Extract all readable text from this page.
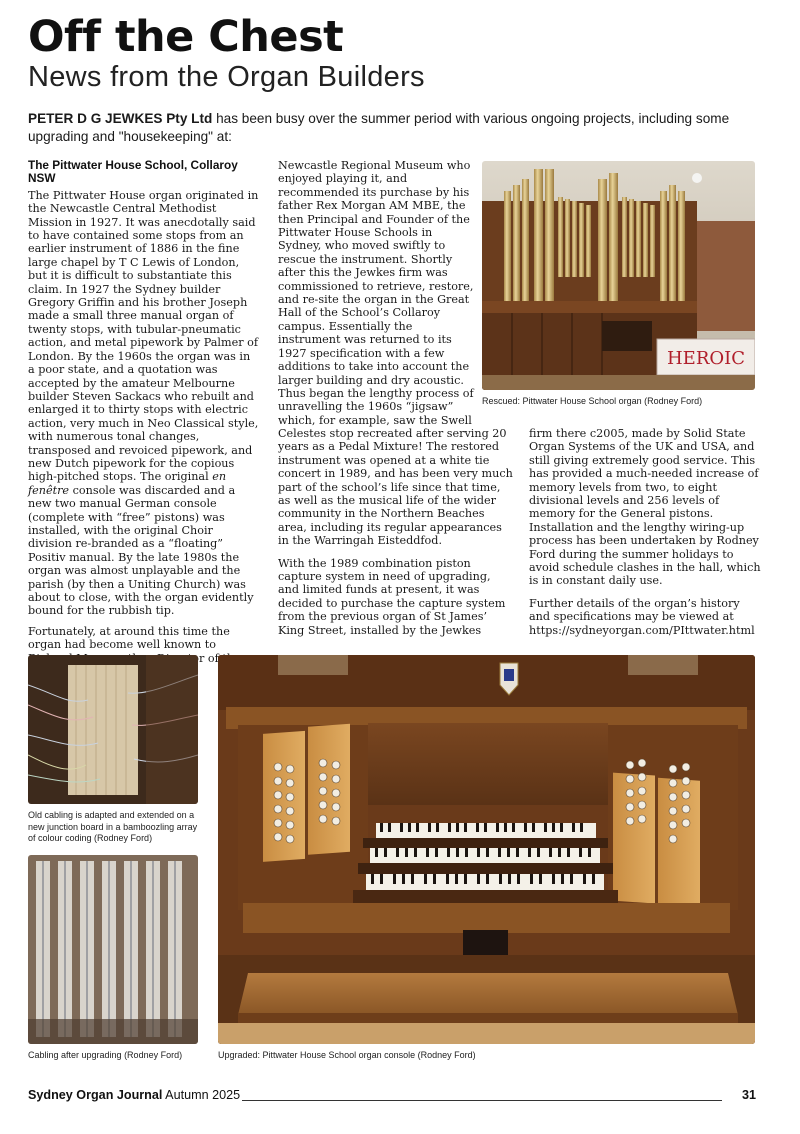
Off the Chest
News from the Organ Builders
PETER D G JEWKES Pty Ltd has been busy over the summer period with various ongoing projects, including some upgrading and "housekeeping" at:
The Pittwater House School, Collaroy NSW

The Pittwater House organ originated in the Newcastle Central Methodist Mission in 1927. It was anecdotally said to have contained some stops from an earlier instrument of 1886 in the fine large chapel by T C Lewis of London, but it is difficult to substantiate this claim. In 1927 the Sydney builder Gregory Griffin and his brother Joseph made a small three manual organ of twenty stops, with tubular-pneumatic action, and metal pipework by Palmer of London. By the 1960s the organ was in a poor state, and a quotation was accepted by the amateur Melbourne builder Steven Sackacs who rebuilt and enlarged it to thirty stops with electric action, very much in Neo Classical style, with numerous tonal changes, transposed and revoiced pipework, and new Dutch pipework for the copious high-pitched stops. The original en fenêtre console was discarded and a new two manual German console (complete with “free” pistons) was installed, with the original Choir division re-branded as a “floating” Positiv manual. By the late 1980s the organ was almost unplayable and the parish (by then a Uniting Church) was about to close, with the organ evidently bound for the rubbish tip.

Fortunately, at around this time the organ had become well known to of

Newcastle Regional Museum who enjoyed playing it, and recommended its purchase by his father Rex Morgan AM MBE, the then Principal and Founder of the Pittwater House Schools in Sydney, who moved swiftly to rescue the instrument. Shortly after this the Jewkes firm was commissioned to retrieve, restore, and re-site the organ in the Great Hall of the School’s Collaroy campus. Essentially the instrument was returned to its 1927 specification with a few additions to take into account the larger building and dry acoustic. Thus began the lengthy process of unravelling the 1960s “jigsaw” which, for example, saw the Swell

Celestes stop recreated after serving 20 years as a Pedal Mixture! The restored instrument was opened at a white tie concert in 1989, and has been very much part of the school’s life since that time, as well as the musical life of the wider community in the Northern Beaches area, including its regular appearances in the Warringah Eisteddfod.

With the 1989 combination piston capture system in need of upgrading, and limited funds at present, it was decided to purchase the capture system from the previous organ of St James’ King Street, installed by the Jewkes

firm there c2005, made by Solid State Organ Systems of the UK and USA, and still giving extremely good service. This has provided a much-needed increase of memory levels from two, to eight divisional levels and 256 levels of memory for the General pistons. Installation and the lengthy wiring-up process has been undertaken by Rodney Ford during the summer holidays to avoid schedule clashes in the hall, which is in constant daily use.

Further details of the organ’s history and specifications may be viewed at https://sydneyorgan.com/PIttwater.html

HEROIC
Rescued: Pittwater House School organ (Rodney Ford)
Old cabling is adapted and extended on a new junction board in a bamboozling array of colour coding (Rodney Ford)
Cabling after upgrading (Rodney Ford)	Upgraded: Pittwater House School organ console (Rodney Ford)
Sydney Organ Journal Autumn 2025	31
